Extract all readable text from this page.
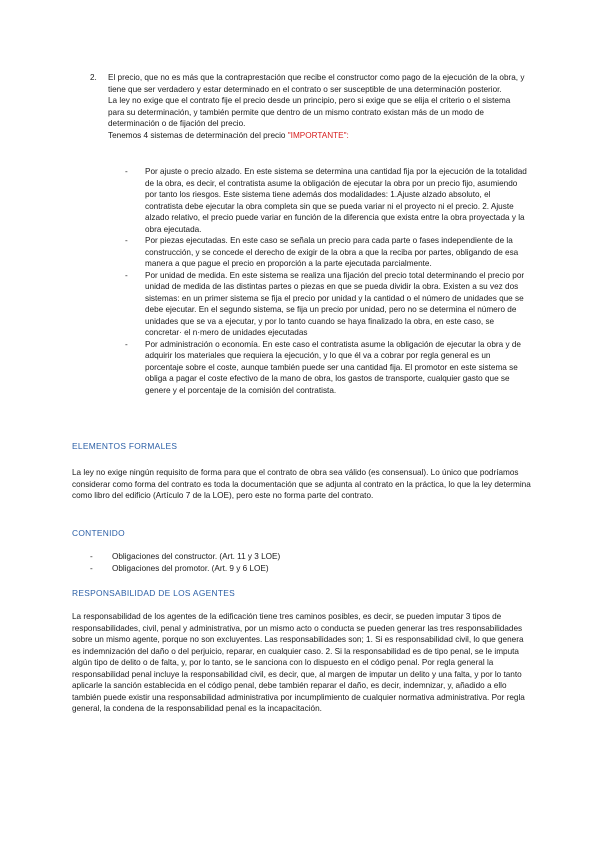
2.	El precio, que no es más que la contraprestación que recibe el constructor como pago de la ejecución de la obra, y tiene que ser verdadero y estar determinado en el contrato o ser susceptible de una determinación posterior.

La ley no exige que el contrato fije el precio desde un principio, pero si exige que se elija el criterio o el sistema para su determinación, y también permite que dentro de un mismo contrato existan más de un modo de determinación o de fijación del precio.

Tenemos 4 sistemas de determinación del precio "IMPORTANTE":

- Por ajuste o precio alzado. En este sistema se determina una cantidad fija por la ejecución de la totalidad de la obra, es decir, el contratista asume la obligación de ejecutar la obra por un precio fijo, asumiendo por tanto los riesgos. Este sistema tiene además dos modalidades: 1.Ajuste alzado absoluto, el contratista debe ejecutar la obra completa sin que se pueda variar ni el proyecto ni el precio. 2. Ajuste alzado relativo, el precio puede variar en función de la diferencia que exista entre la obra proyectada y la obra ejecutada.

- Por piezas ejecutadas. En este caso se señala un precio para cada parte o fases independiente de la construcción, y se concede el derecho de exigir de la obra a que la reciba por partes, obligando de esa manera a que pague el precio en proporción a la parte ejecutada parcialmente.

- Por unidad de medida. En este sistema se realiza una fijación del precio total determinando el precio por unidad de medida de las distintas partes o piezas en que se pueda dividir la obra. Existen a su vez dos sistemas: en un primer sistema se fija el precio por unidad y la cantidad o el número de unidades que se debe ejecutar. En el segundo sistema, se fija un precio por unidad, pero no se determina el número de unidades que se va a ejecutar, y por lo tanto cuando se haya finalizado la obra, en este caso, se concretar· el n·mero de unidades ejecutadas

- Por administración o economía. En este caso el contratista asume la obligación de ejecutar la obra y de adquirir los materiales que requiera la ejecución, y lo que él va a cobrar por regla general es un porcentaje sobre el coste, aunque también puede ser una cantidad fija. El promotor en este sistema se obliga a pagar el coste efectivo de la mano de obra, los gastos de transporte, cualquier gasto que se genere y el porcentaje de la comisión del contratista.

ELEMENTOS FORMALES
La ley no exige ningún requisito de forma para que el contrato de obra sea válido (es consensual). Lo único que podríamos considerar como forma del contrato es toda la documentación que se adjunta al contrato en la práctica, lo que la ley determina como libro del edificio (Artículo 7 de la LOE), pero este no forma parte del contrato.
CONTENIDO
- Obligaciones del constructor. (Art. 11 y 3 LOE)
- Obligaciones del promotor. (Art. 9 y 6 LOE)
RESPONSABILIDAD DE LOS AGENTES
La responsabilidad de los agentes de la edificación tiene tres caminos posibles, es decir, se pueden imputar 3 tipos de responsabilidades, civil, penal y administrativa, por un mismo acto o conducta se pueden generar las tres responsabilidades sobre un mismo agente, porque no son excluyentes. Las responsabilidades son; 1. Si es responsabilidad civil, lo que genera es indemnización del daño o del perjuicio, reparar, en cualquier caso. 2. Si la responsabilidad es de tipo penal, se le imputa algún tipo de delito o de falta, y, por lo tanto, se le sanciona con lo dispuesto en el código penal. Por regla general la responsabilidad penal incluye la responsabilidad civil, es decir, que, al margen de imputar un delito y una falta, y por lo tanto aplicarle la sanción establecida en el código penal, debe también reparar el daño, es decir, indemnizar, y, añadido a ello también puede existir una responsabilidad administrativa por incumplimiento de cualquier normativa administrativa. Por regla general, la condena de la responsabilidad penal es la incapacitación.
